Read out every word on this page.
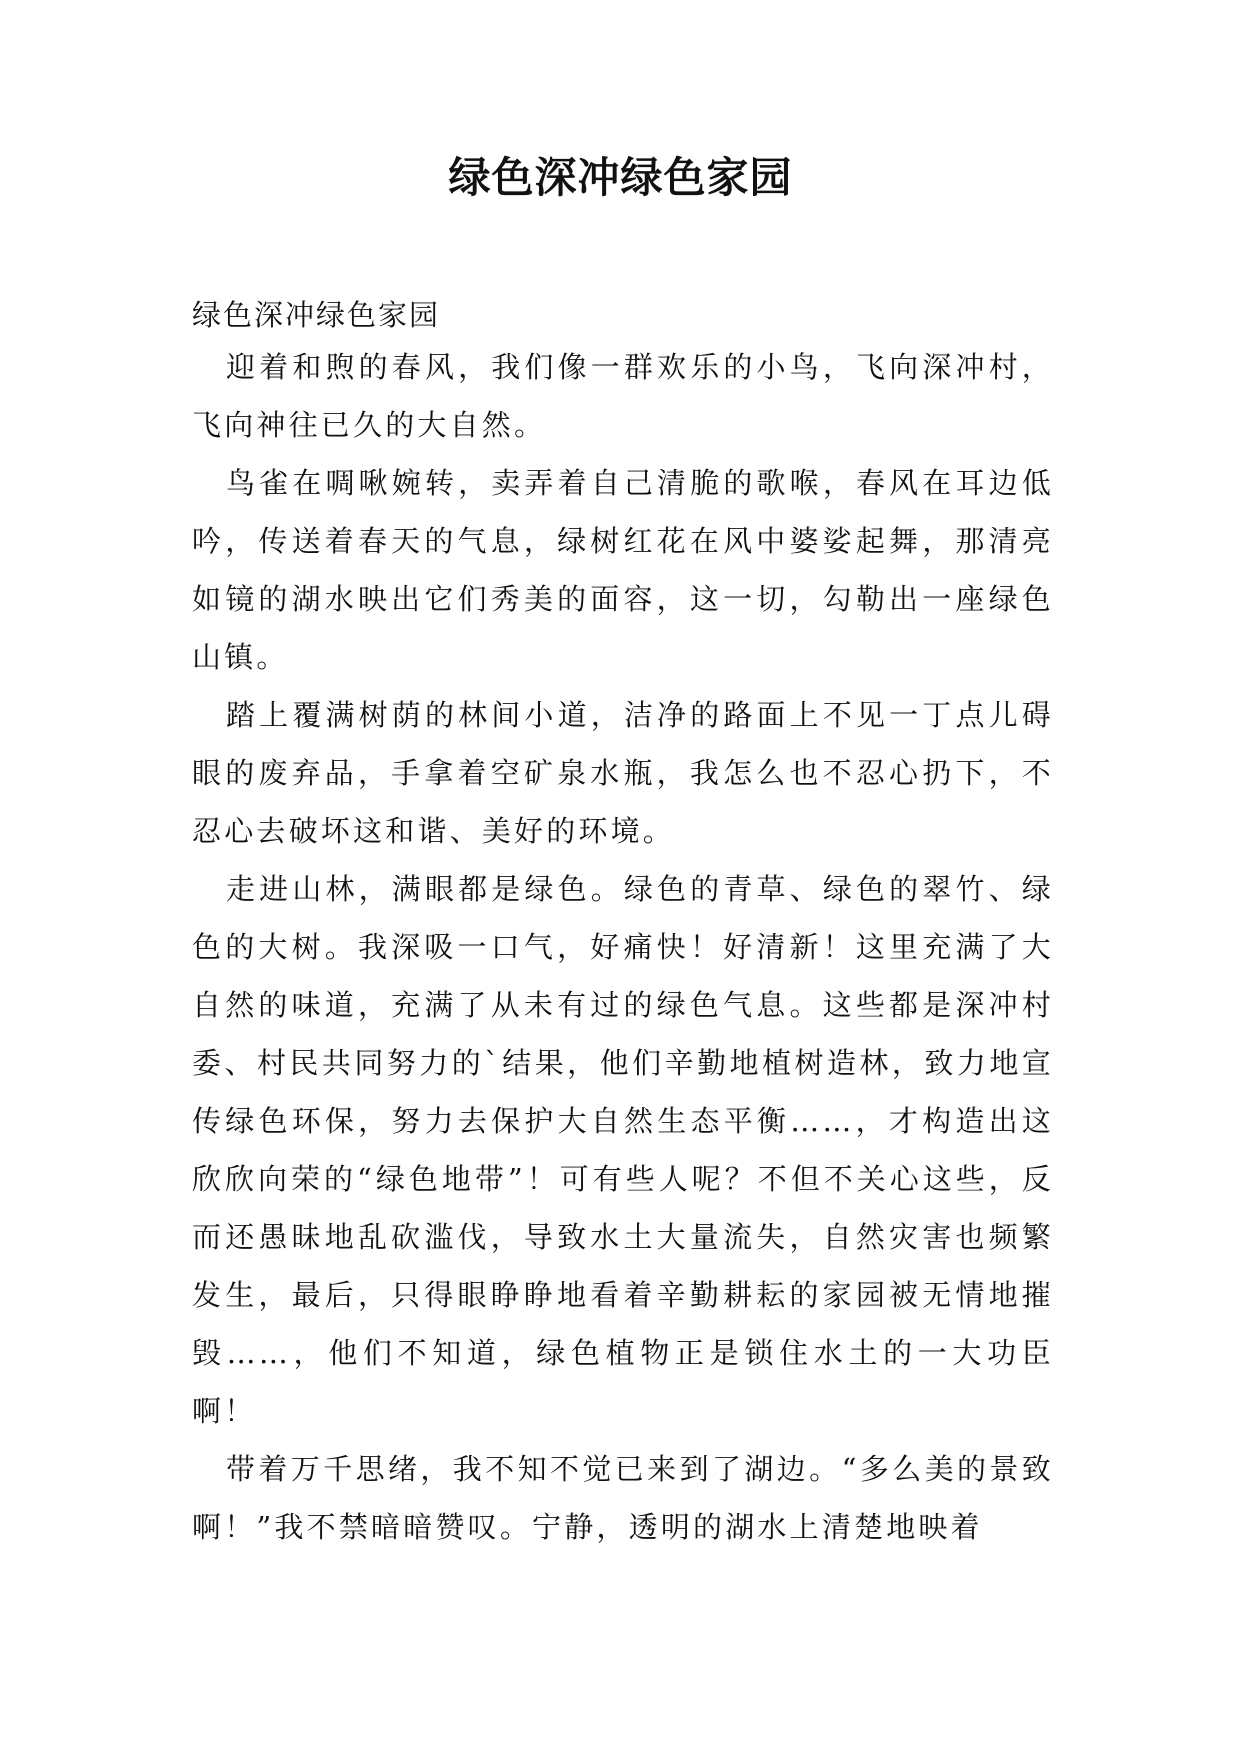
绿色深冲绿色家园

绿色深冲绿色家园

迎着和煦的春风，我们像一群欢乐的小鸟，飞向深冲村，飞向神往已久的大自然。

鸟雀在啁啾婉转，卖弄着自己清脆的歌喉，春风在耳边低吟，传送着春天的气息，绿树红花在风中婆娑起舞，那清亮如镜的湖水映出它们秀美的面容，这一切，勾勒出一座绿色山镇。

踏上覆满树荫的林间小道，洁净的路面上不见一丁点儿碍眼的废弃品，手拿着空矿泉水瓶，我怎么也不忍心扔下，不忍心去破坏这和谐、美好的环境。

走进山林，满眼都是绿色。绿色的青草、绿色的翠竹、绿色的大树。我深吸一口气，好痛快！好清新！这里充满了大自然的味道，充满了从未有过的绿色气息。这些都是深冲村委、村民共同努力的`结果，他们辛勤地植树造林，致力地宣传绿色环保，努力去保护大自然生态平衡……，才构造出这欣欣向荣的“绿色地带”！可有些人呢？不但不关心这些，反而还愚昧地乱砍滥伐，导致水土大量流失，自然灾害也频繁发生，最后，只得眼睁睁地看着辛勤耕耘的家园被无情地摧毁……，他们不知道，绿色植物正是锁住水土的一大功臣啊！

带着万千思绪，我不知不觉已来到了湖边。“多么美的景致啊！”我不禁暗暗赞叹。宁静，透明的湖水上清楚地映着
